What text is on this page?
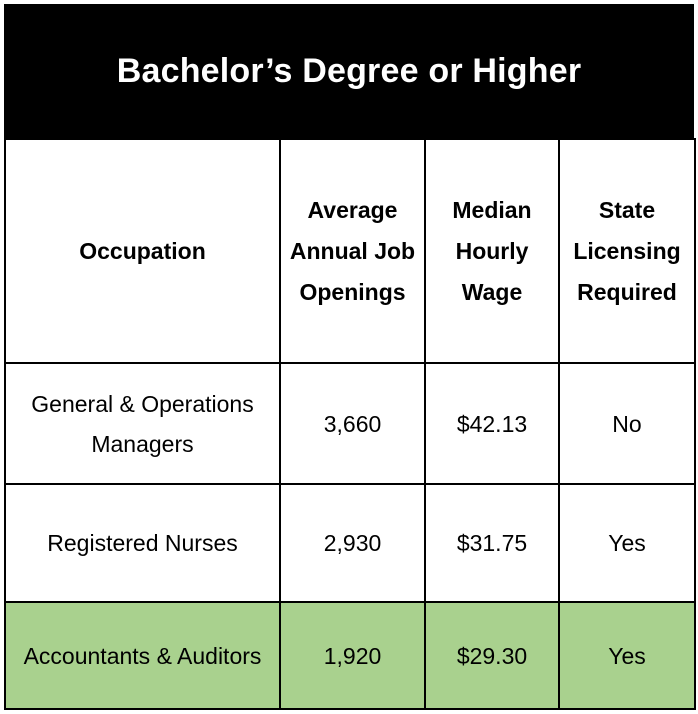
Bachelor’s Degree or Higher
Occupation	Average Annual Job Openings	Median Hourly Wage	State Licensing Required
General & Operations Managers	3,660	$42.13	No
Registered Nurses	2,930	$31.75	Yes
Accountants & Auditors	1,920	$29.30	Yes
